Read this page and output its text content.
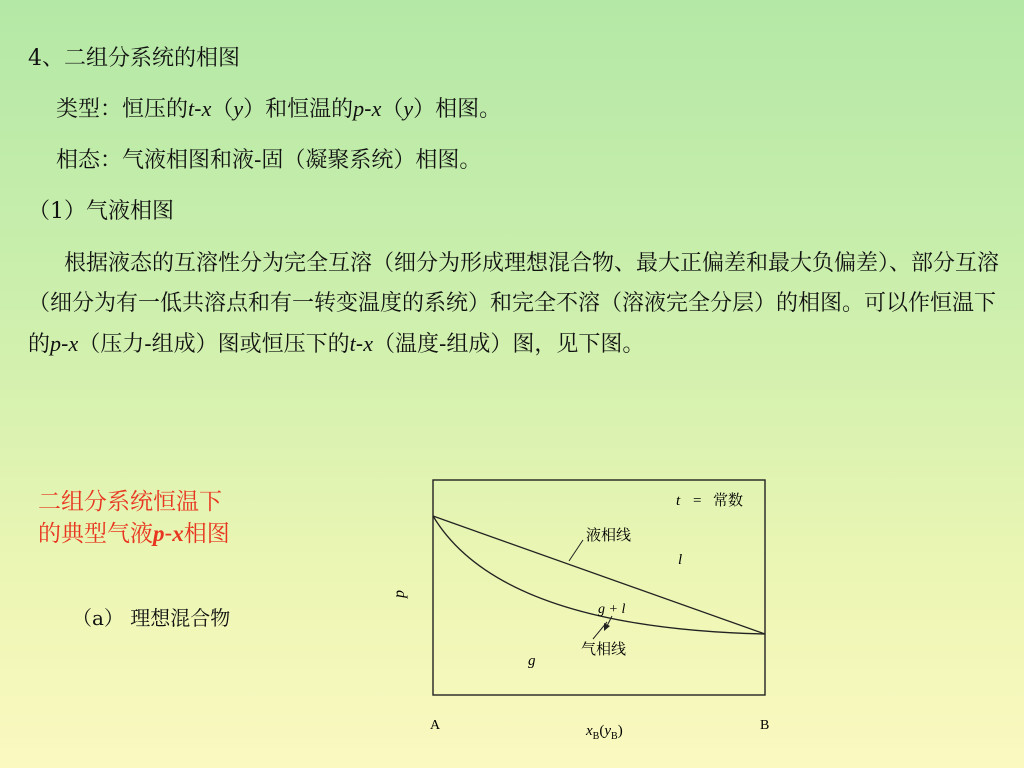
4、二组分系统的相图
类型：恒压的t-x（y）和恒温的p-x（y）相图。
相态：气液相图和液-固（凝聚系统）相图。
（1）气液相图
根据液态的互溶性分为完全互溶（细分为形成理想混合物、最大正偏差和最大负偏差）、部分互溶（细分为有一低共溶点和有一转变温度的系统）和完全不溶（溶液完全分层）的相图。可以作恒温下的p-x（压力-组成）图或恒压下的t-x（温度-组成）图，见下图。
二组分系统恒温下
的典型气液p-x相图
（a） 理想混合物
t = 常数
液相线
l
g + l
气相线
g
p
A	B
$x_B(y_B)$
